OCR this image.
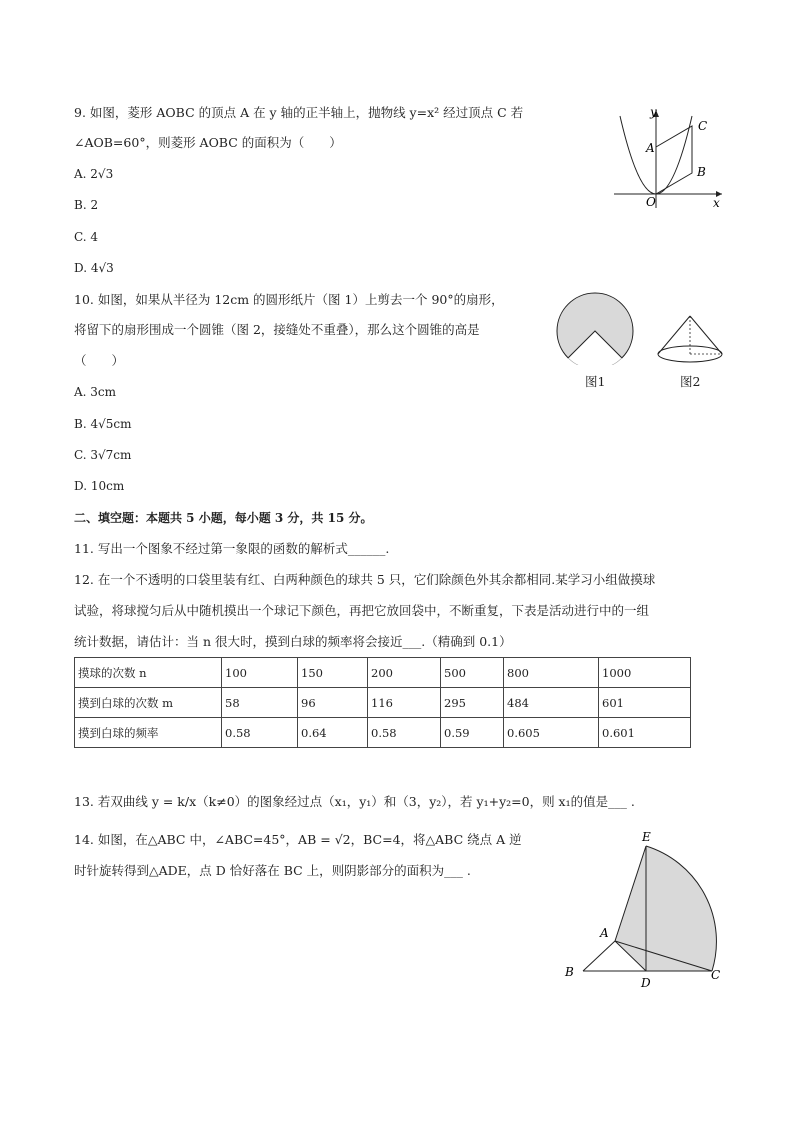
9. 如图，菱形 AOBC 的顶点 A 在 y 轴的正半轴上，抛物线 y=x² 经过顶点 C 若
∠AOB=60°，则菱形 AOBC 的面积为（　　）
A. 2√3
B. 2
C. 4
D. 4√3
y
C
A
B
O	x
10. 如图，如果从半径为 12cm 的圆形纸片（图 1）上剪去一个 90°的扇形，
将留下的扇形围成一个圆锥（图 2，接缝处不重叠），那么这个圆锥的高是
（　　）
A. 3cm
B. 4√5cm
C. 3√7cm
D. 10cm
图1	图2
二、填空题：本题共 5 小题，每小题 3 分，共 15 分。
11. 写出一个图象不经过第一象限的函数的解析式______.
12. 在一个不透明的口袋里装有红、白两种颜色的球共 5 只，它们除颜色外其余都相同.某学习小组做摸球
试验，将球搅匀后从中随机摸出一个球记下颜色，再把它放回袋中，不断重复，下表是活动进行中的一组
统计数据，请估计：当 n 很大时，摸到白球的频率将会接近___.（精确到 0.1）
摸球的次数 n	100	150	200	500	800	1000
摸到白球的次数 m	58	96	116	295	484	601
摸到白球的频率	0.58	0.64	0.58	0.59	0.605	0.601
13. 若双曲线 y = k/x（k≠0）的图象经过点（x₁，y₁）和（3，y₂），若 y₁+y₂=0，则 x₁的值是___ .
14. 如图，在△ABC 中，∠ABC=45°，AB = √2，BC=4，将△ABC 绕点 A 逆
时针旋转得到△ADE，点 D 恰好落在 BC 上，则阴影部分的面积为___ .
E
A
B
D
C
